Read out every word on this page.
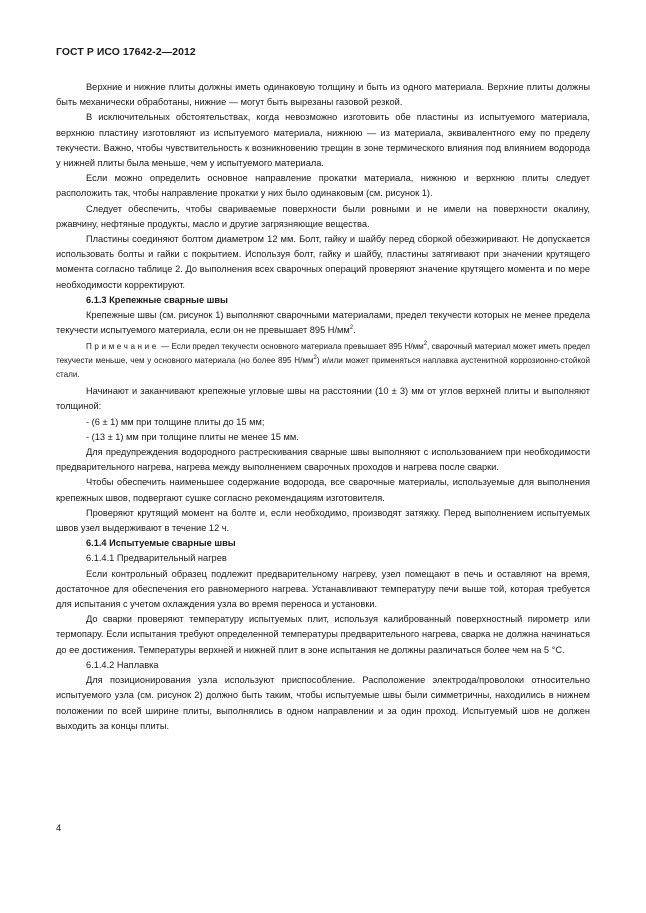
ГОСТ Р ИСО 17642-2—2012

Верхние и нижние плиты должны иметь одинаковую толщину и быть из одного материала. Верхние плиты должны быть механически обработаны, нижние — могут быть вырезаны газовой резкой.

В исключительных обстоятельствах, когда невозможно изготовить обе пластины из испытуемого материала, верхнюю пластину изготовляют из испытуемого материала, нижнюю — из материала, эквивалентного ему по пределу текучести. Важно, чтобы чувствительность к возникновению трещин в зоне термического влияния под влиянием водорода у нижней плиты была меньше, чем у испытуемого материала.

Если можно определить основное направление прокатки материала, нижнюю и верхнюю плиты следует расположить так, чтобы направление прокатки у них было одинаковым (см. рисунок 1).

Следует обеспечить, чтобы свариваемые поверхности были ровными и не имели на поверхности окалину, ржавчину, нефтяные продукты, масло и другие загрязняющие вещества.

Пластины соединяют болтом диаметром 12 мм. Болт, гайку и шайбу перед сборкой обезжиривают. Не допускается использовать болты и гайки с покрытием. Используя болт, гайку и шайбу, пластины затягивают при значении крутящего момента согласно таблице 2. До выполнения всех сварочных операций проверяют значение крутящего момента и по мере необходимости корректируют.

6.1.3 Крепежные сварные швы

Крепежные швы (см. рисунок 1) выполняют сварочными материалами, предел текучести которых не менее предела текучести испытуемого материала, если он не превышает 895 $Н/мм^2$.

Примечание — Если предел текучести основного материала превышает 895 $Н/мм^2$, сварочный материал может иметь предел текучести меньше, чем у основного материала (но более 895 $Н/мм^2$) и/или может применяться наплавка аустенитной коррозионно-стойкой стали.

Начинают и заканчивают крепежные угловые швы на расстоянии (10 ± 3) мм от углов верхней плиты и выполняют толщиной:

- (6 ± 1) мм при толщине плиты до 15 мм;
- (13 ± 1) мм при толщине плиты не менее 15 мм.

Для предупреждения водородного растрескивания сварные швы выполняют с использованием при необходимости предварительного нагрева, нагрева между выполнением сварочных проходов и нагрева после сварки.

Чтобы обеспечить наименьшее содержание водорода, все сварочные материалы, используемые для выполнения крепежных швов, подвергают сушке согласно рекомендациям изготовителя.

Проверяют крутящий момент на болте и, если необходимо, производят затяжку. Перед выполнением испытуемых швов узел выдерживают в течение 12 ч.

6.1.4 Испытуемые сварные швы
6.1.4.1 Предварительный нагрев

Если контрольный образец подлежит предварительному нагреву, узел помещают в печь и оставляют на время, достаточное для обеспечения его равномерного нагрева. Устанавливают температуру печи выше той, которая требуется для испытания с учетом охлаждения узла во время переноса и установки.

До сварки проверяют температуру испытуемых плит, используя калиброванный поверхностный пирометр или термопару. Если испытания требуют определенной температуры предварительного нагрева, сварка не должна начинаться до ее достижения. Температуры верхней и нижней плит в зоне испытания не должны различаться более чем на 5 °С.

6.1.4.2 Наплавка

Для позиционирования узла используют приспособление. Расположение электрода/проволоки относительно испытуемого узла (см. рисунок 2) должно быть таким, чтобы испытуемые швы были симметричны, находились в нижнем положении по всей ширине плиты, выполнялись в одном направлении и за один проход. Испытуемый шов не должен выходить за концы плиты.

4
